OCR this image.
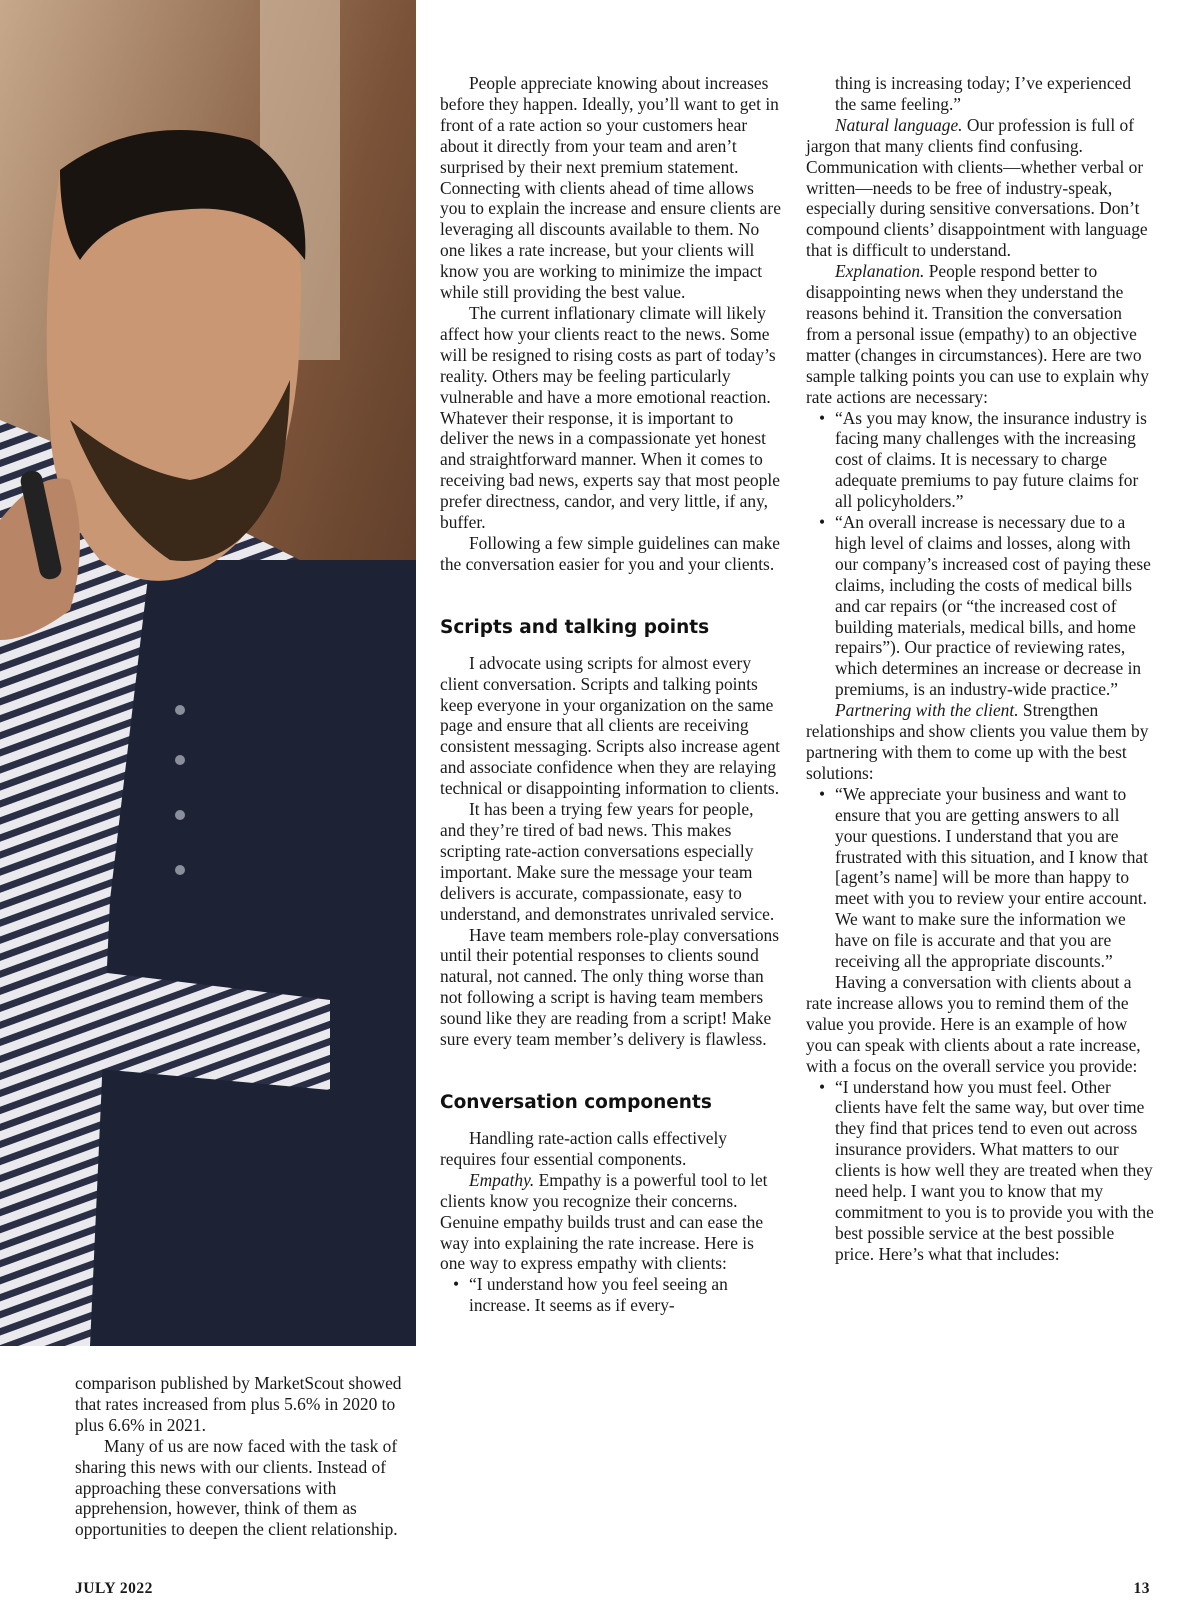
comparison published by MarketScout showed that rates increased from plus 5.6% in 2020 to plus 6.6% in 2021.

Many of us are now faced with the task of sharing this news with our clients. Instead of approaching these conversations with apprehension, however, think of them as opportunities to deepen the client relationship.

People appreciate knowing about increases before they happen. Ideally, you’ll want to get in front of a rate action so your customers hear about it directly from your team and aren’t surprised by their next premium statement. Connecting with clients ahead of time allows you to explain the increase and ensure clients are leveraging all discounts available to them. No one likes a rate increase, but your clients will know you are working to minimize the impact while still providing the best value.

The current inflationary climate will likely affect how your clients react to the news. Some will be resigned to rising costs as part of today’s reality. Others may be feeling particularly vulnerable and have a more emotional reaction. Whatever their response, it is important to deliver the news in a compassionate yet honest and straightforward manner. When it comes to receiving bad news, experts say that most people prefer directness, candor, and very little, if any, buffer.

Following a few simple guidelines can make the conversation easier for you and your clients.

Scripts and talking points

I advocate using scripts for almost every client conversation. Scripts and talking points keep everyone in your organization on the same page and ensure that all clients are receiving consistent messaging. Scripts also increase agent and associate confidence when they are relaying technical or disappointing information to clients.

It has been a trying few years for people, and they’re tired of bad news. This makes scripting rate-action conversations especially important. Make sure the message your team delivers is accurate, compassionate, easy to understand, and demonstrates unrivaled service.

Have team members role-play conversations until their potential responses to clients sound natural, not canned. The only thing worse than not following a script is having team members sound like they are reading from a script! Make sure every team member’s delivery is flawless.

Conversation components

Handling rate-action calls effectively requires four essential components.

Empathy. Empathy is a powerful tool to let clients know you recognize their concerns. Genuine empathy builds trust and can ease the way into explaining the rate increase. Here is one way to express empathy with clients:

• “I understand how you feel seeing an increase. It seems as if every-
thing is increasing today; I’ve experienced the same feeling.”

Natural language. Our profession is full of jargon that many clients find confusing. Communication with clients—whether verbal or written—needs to be free of industry-speak, especially during sensitive conversations. Don’t compound clients’ disappointment with language that is difficult to understand.

Explanation. People respond better to disappointing news when they understand the reasons behind it. Transition the conversation from a personal issue (empathy) to an objective matter (changes in circumstances). Here are two sample talking points you can use to explain why rate actions are necessary:

• “As you may know, the insurance industry is facing many challenges with the increasing cost of claims. It is necessary to charge adequate premiums to pay future claims for all policyholders.”
• “An overall increase is necessary due to a high level of claims and losses, along with our company’s increased cost of paying these claims, including the costs of medical bills and car repairs (or “the increased cost of building materials, medical bills, and home repairs”). Our practice of reviewing rates, which determines an increase or decrease in premiums, is an industry-wide practice.”

Partnering with the client. Strengthen relationships and show clients you value them by partnering with them to come up with the best solutions:

• “We appreciate your business and want to ensure that you are getting answers to all your questions. I understand that you are frustrated with this situation, and I know that [agent’s name] will be more than happy to meet with you to review your entire account. We want to make sure the information we have on file is accurate and that you are receiving all the appropriate discounts.”

Having a conversation with clients about a rate increase allows you to remind them of the value you provide. Here is an example of how you can speak with clients about a rate increase, with a focus on the overall service you provide:

• “I understand how you must feel. Other clients have felt the same way, but over time they find that prices tend to even out across insurance providers. What matters to our clients is how well they are treated when they need help. I want you to know that my commitment to you is to provide you with the best possible service at the best possible price. Here’s what that includes:
JULY 2022	13
